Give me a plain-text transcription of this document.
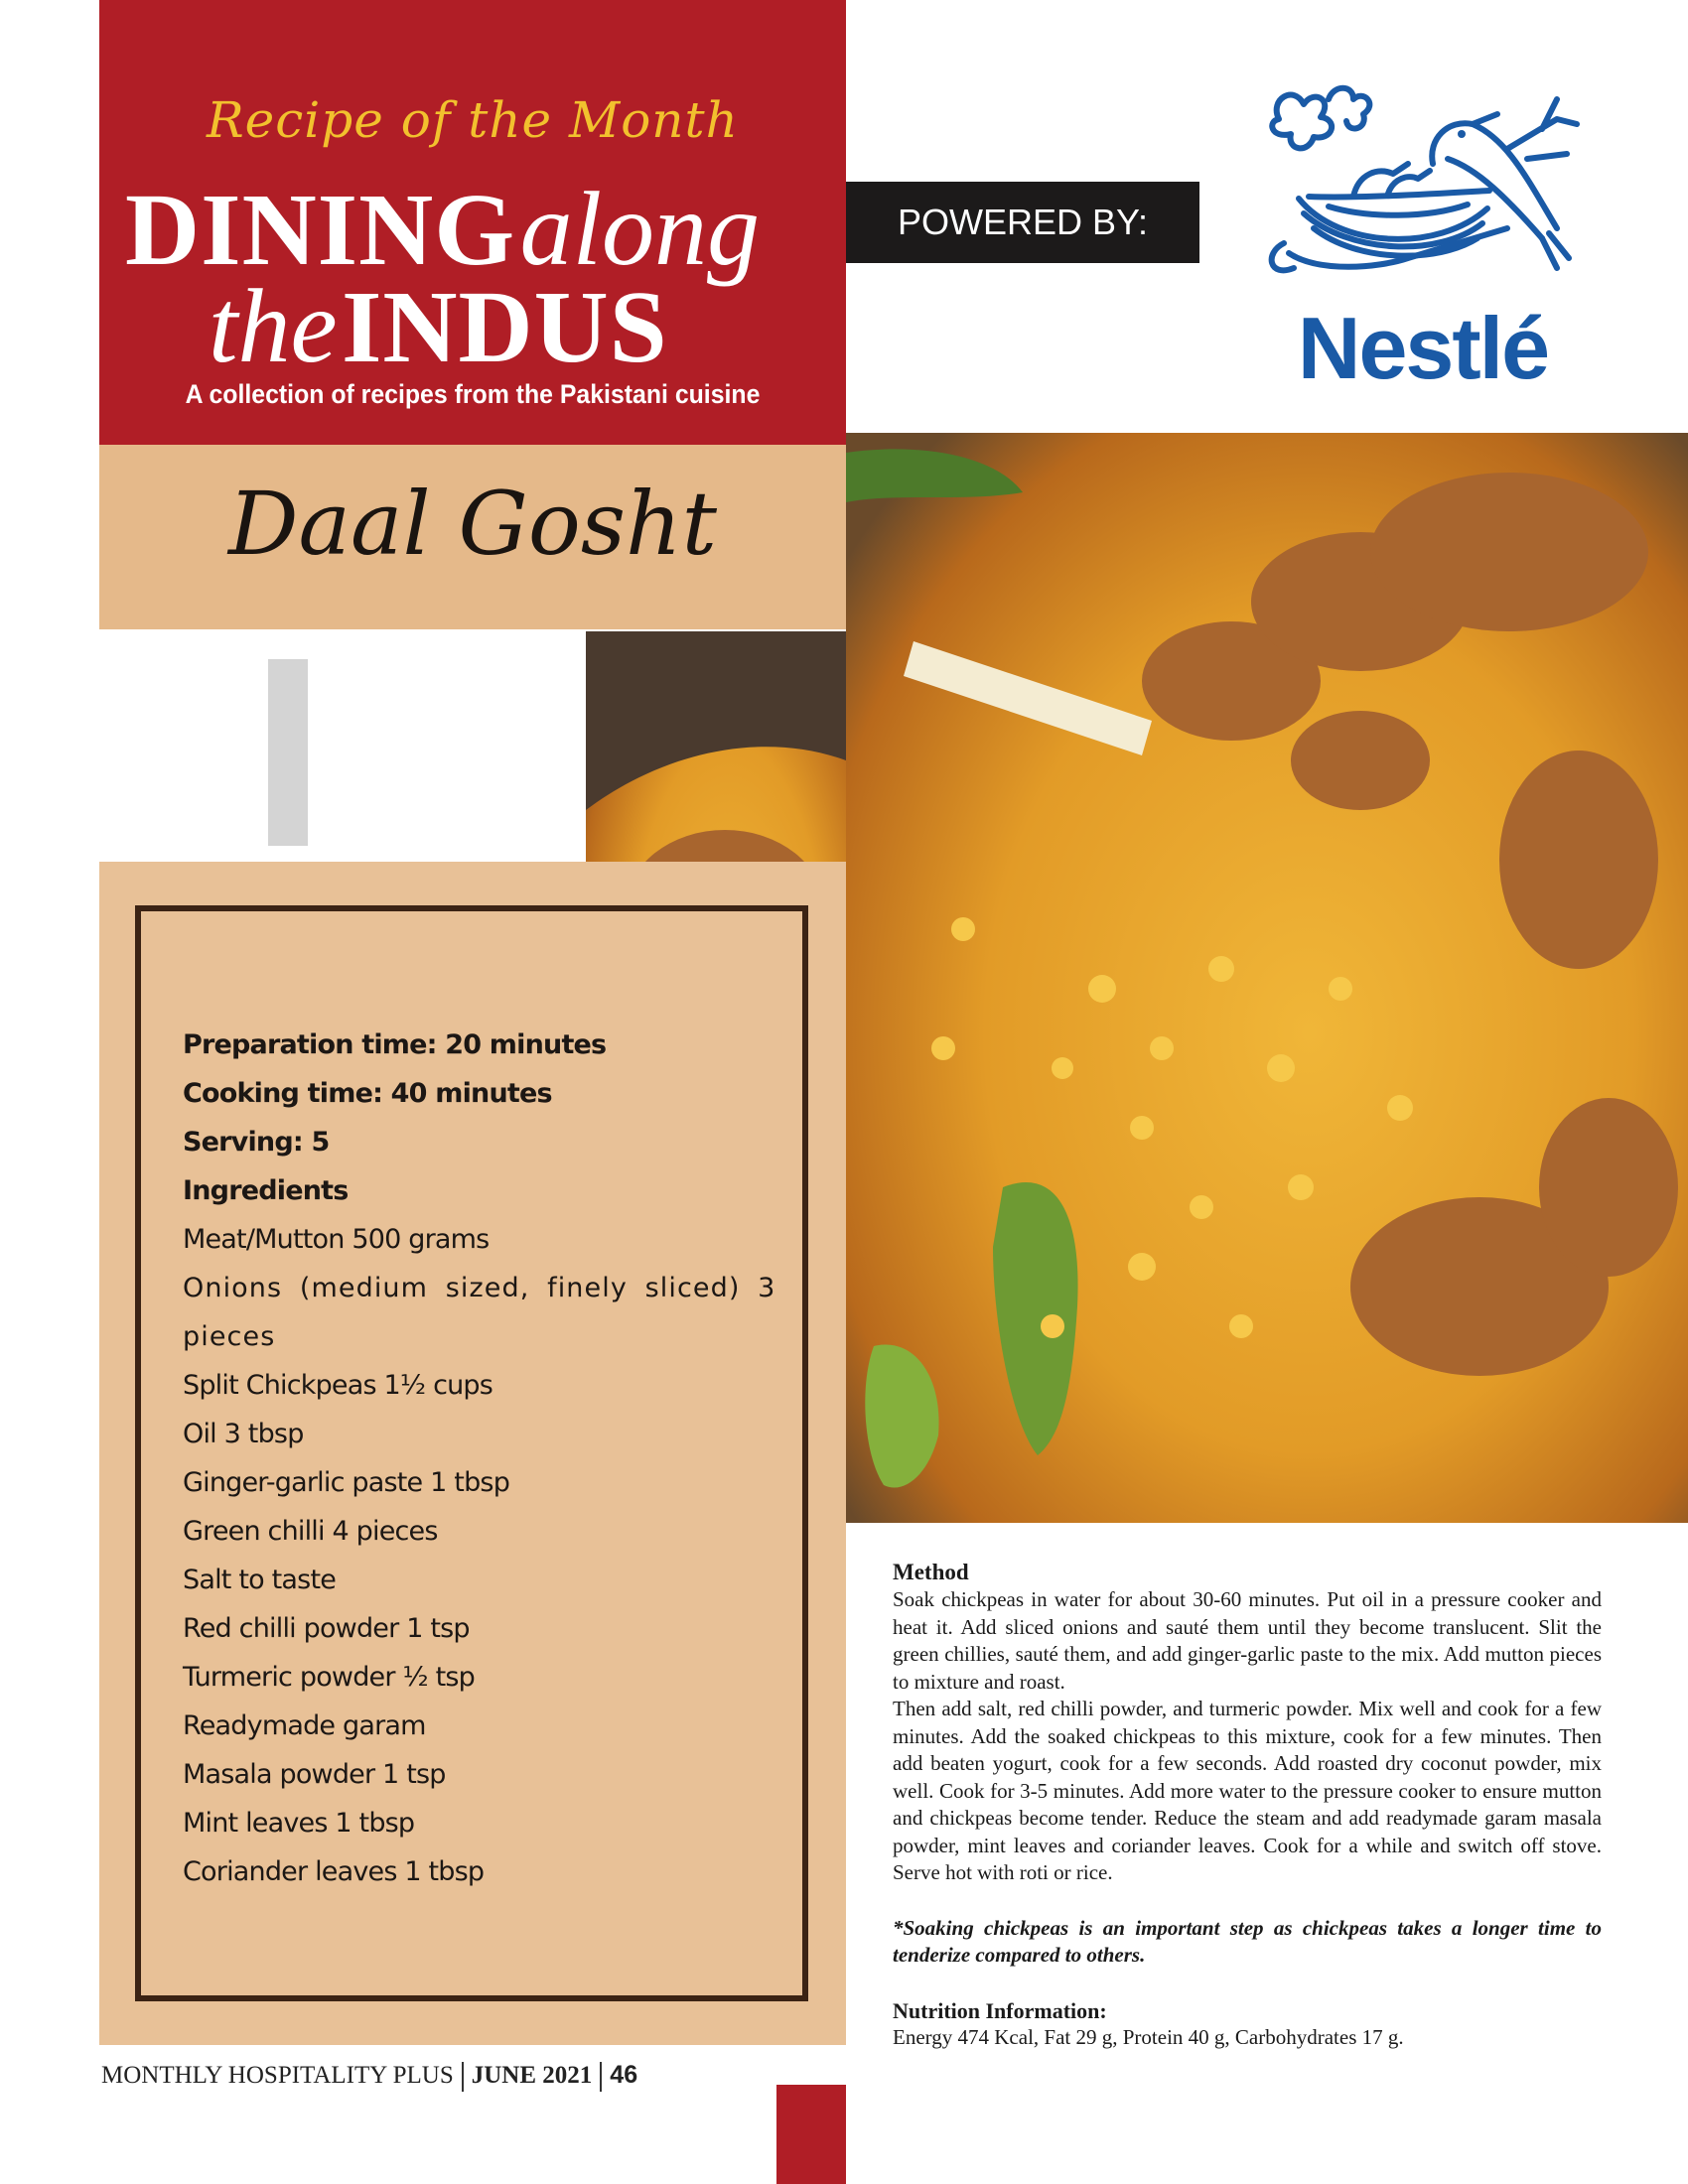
Recipe of the Month
DINING along
the INDUS
A collection of recipes from the Pakistani cuisine
Daal Gosht
POWERED BY:
Nestlé
Preparation time: 20 minutes
Cooking time: 40 minutes
Serving: 5
Ingredients
Meat/Mutton 500 grams
Onions (medium sized, finely sliced) 3
pieces
Split Chickpeas 1½ cups
Oil 3 tbsp
Ginger-garlic paste 1 tbsp
Green chilli 4 pieces
Salt to taste
Red chilli powder 1 tsp
Turmeric powder ½ tsp
Readymade garam
Masala powder 1 tsp
Mint leaves 1 tbsp
Coriander leaves 1 tbsp
Method

Soak chickpeas in water for about 30-60 minutes. Put oil in a pressure cooker and heat it. Add sliced onions and sauté them until they become translucent. Slit the green chillies, sauté them, and add ginger-garlic paste to the mix. Add mutton pieces to mixture and roast.

Then add salt, red chilli powder, and turmeric powder. Mix well and cook for a few minutes. Add the soaked chickpeas to this mixture, cook for a few minutes. Then add beaten yogurt, cook for a few seconds. Add roasted dry coconut powder, mix well. Cook for 3-5 minutes. Add more water to the pressure cooker to ensure mutton and chickpeas become tender. Reduce the steam and add readymade garam masala powder, mint leaves and coriander leaves. Cook for a while and switch off stove. Serve hot with roti or rice.

*Soaking chickpeas is an important step as chickpeas takes a longer time to tenderize compared to others.

Nutrition Information:

Energy 474 Kcal, Fat 29 g, Protein 40 g, Carbohydrates 17 g.

MONTHLY HOSPITALITY PLUS JUNE 2021 46
